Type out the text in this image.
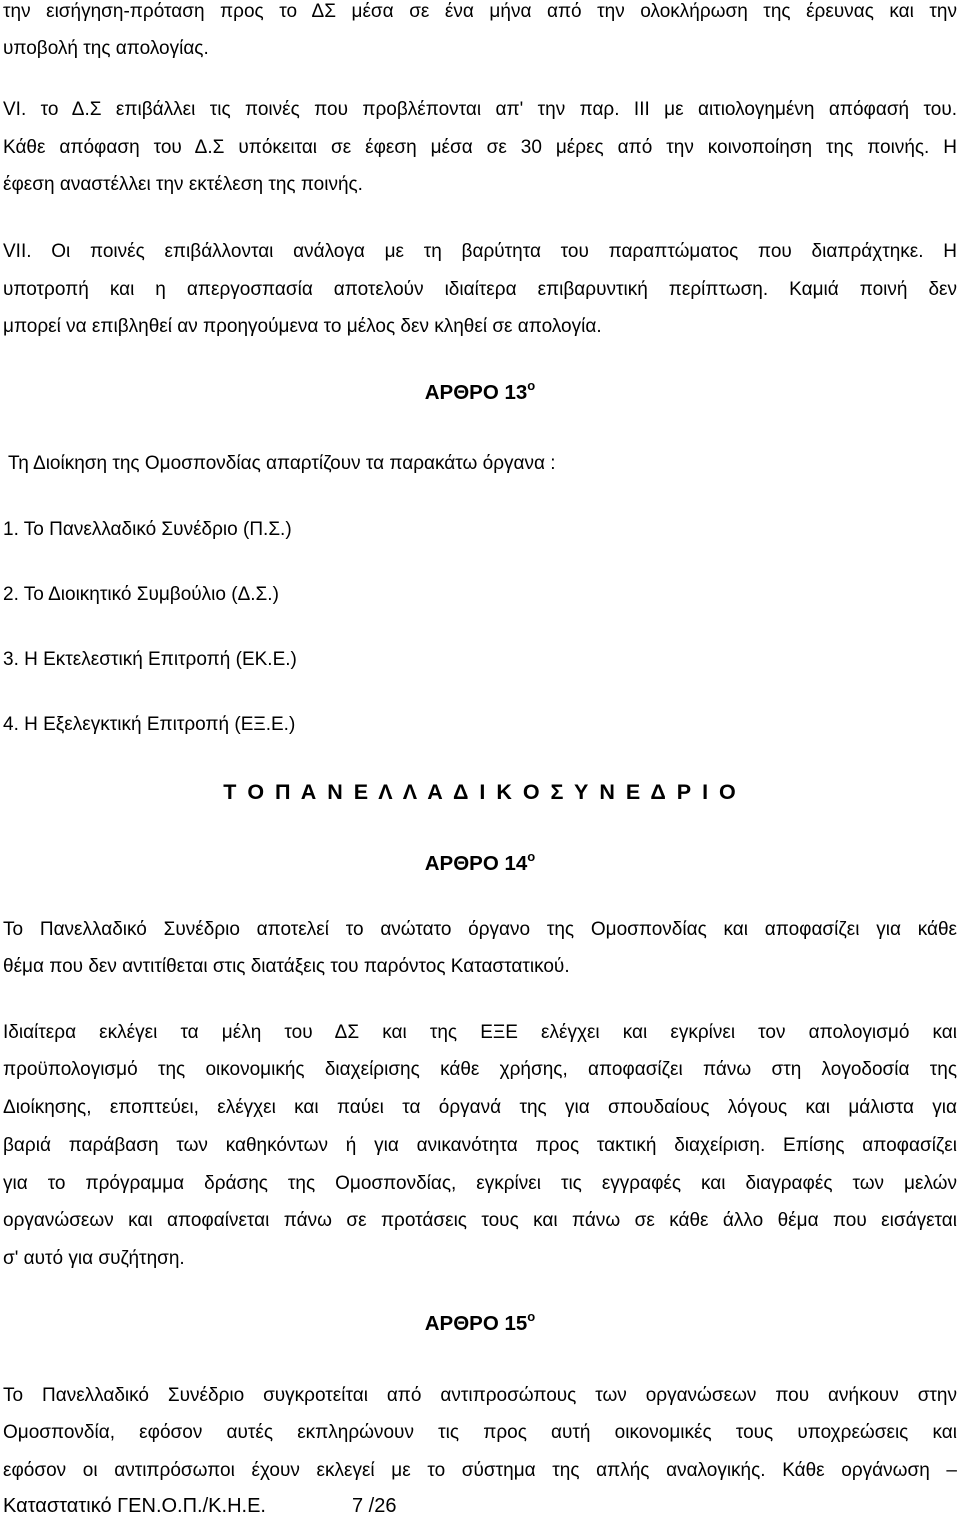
την εισήγηση-πρόταση προς το ΔΣ μέσα σε ένα μήνα από την ολοκλήρωση της έρευνας και την
υποβολή της απολογίας.
VI. το Δ.Σ επιβάλλει τις ποινές που προβλέπονται απ' την παρ. ΙΙΙ με αιτιολογημένη απόφασή του.
Κάθε απόφαση του Δ.Σ υπόκειται σε έφεση μέσα σε 30 μέρες από την κοινοποίηση της ποινής. Η
έφεση αναστέλλει την εκτέλεση της ποινής.
VII. Οι ποινές επιβάλλονται ανάλογα με τη βαρύτητα του παραπτώματος που διαπράχτηκε. Η
υποτροπή και η απεργοσπασία αποτελούν ιδιαίτερα επιβαρυντική περίπτωση. Καμιά ποινή δεν
μπορεί να επιβληθεί αν προηγούμενα το μέλος δεν κληθεί σε απολογία.
ΑΡΘΡΟ $13^o$
Τη Διοίκηση της Ομοσπονδίας απαρτίζουν τα παρακάτω όργανα :
1. Το Πανελλαδικό Συνέδριο (Π.Σ.)
2. Το Διοικητικό Συμβούλιο (Δ.Σ.)
3. Η Εκτελεστική Επιτροπή (ΕΚ.Ε.)
4. Η Εξελεγκτική Επιτροπή (ΕΞ.Ε.)
Τ Ο Π Α Ν Ε Λ Λ Α Δ Ι Κ Ο Σ Υ Ν Ε Δ Ρ Ι Ο
ΑΡΘΡΟ $14^o$
Το Πανελλαδικό Συνέδριο αποτελεί το ανώτατο όργανο της Ομοσπονδίας και αποφασίζει για κάθε
θέμα που δεν αντιτίθεται στις διατάξεις του παρόντος Καταστατικού.
Ιδιαίτερα εκλέγει τα μέλη του ΔΣ και της ΕΞΕ ελέγχει και εγκρίνει τον απολογισμό και
προϋπολογισμό της οικονομικής διαχείρισης κάθε χρήσης, αποφασίζει πάνω στη λογοδοσία της
Διοίκησης, εποπτεύει, ελέγχει και παύει τα όργανά της για σπουδαίους λόγους και μάλιστα για
βαριά παράβαση των καθηκόντων ή για ανικανότητα προς τακτική διαχείριση. Επίσης αποφασίζει
για το πρόγραμμα δράσης της Ομοσπονδίας, εγκρίνει τις εγγραφές και διαγραφές των μελών
οργανώσεων και αποφαίνεται πάνω σε προτάσεις τους και πάνω σε κάθε άλλο θέμα που εισάγεται
σ' αυτό για συζήτηση.
ΑΡΘΡΟ $15^o$
Το Πανελλαδικό Συνέδριο συγκροτείται από αντιπροσώπους των οργανώσεων που ανήκουν στην
Ομοσπονδία, εφόσον αυτές εκπληρώνουν τις προς αυτή οικονομικές τους υποχρεώσεις και
εφόσον οι αντιπρόσωποι έχουν εκλεγεί με το σύστημα της απλής αναλογικής. Κάθε οργάνωση –
Καταστατικό ΓΕΝ.Ο.Π./Κ.Η.Ε.	7 /26
